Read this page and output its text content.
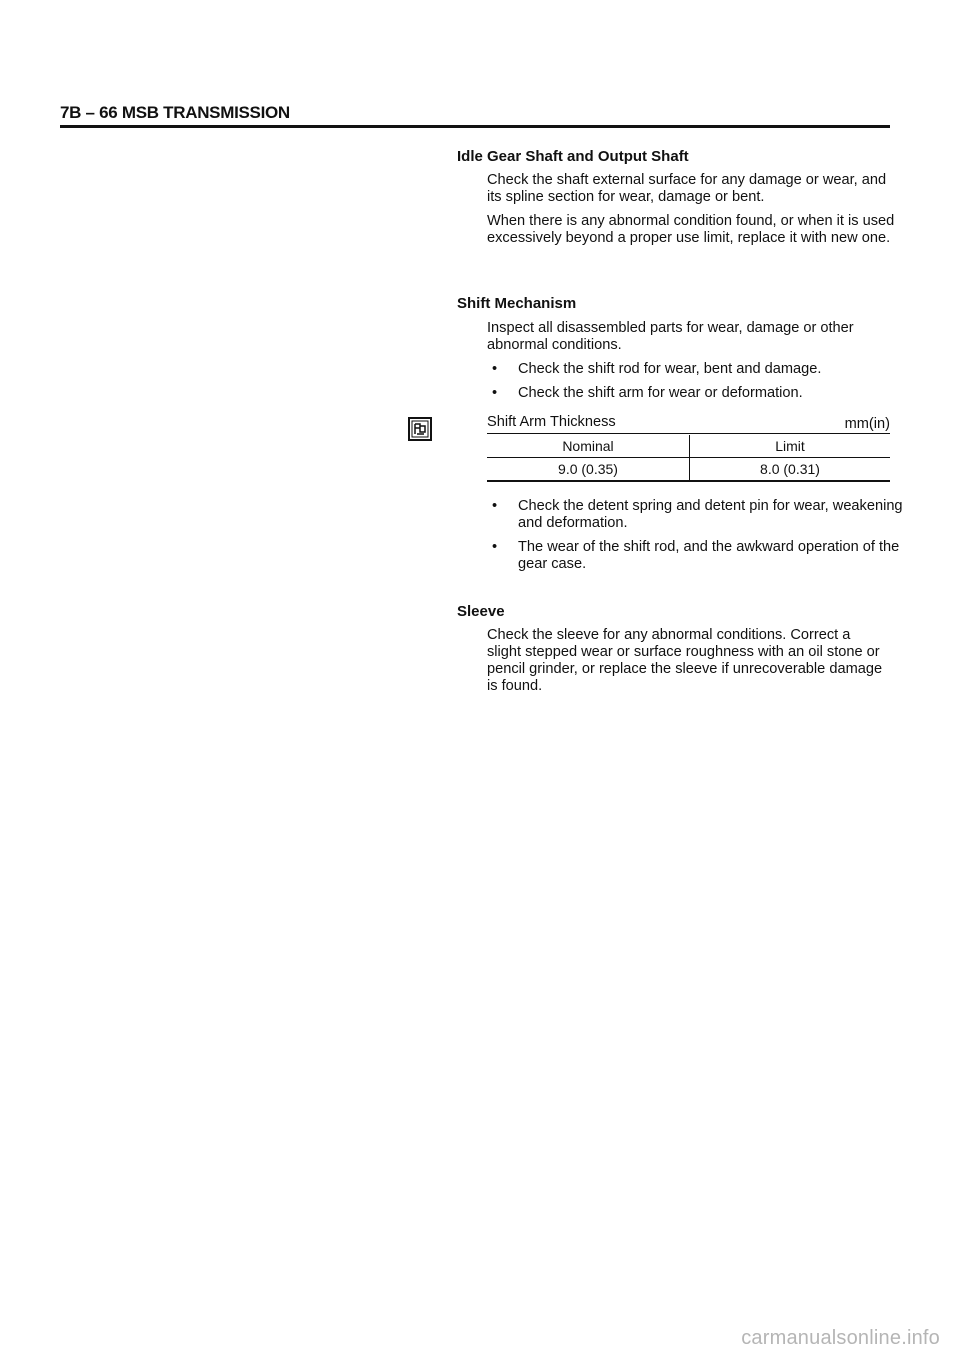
7B – 66 MSB TRANSMISSION
Idle Gear Shaft and Output Shaft

Check the shaft external surface for any damage or wear, and its spline section for wear, damage or bent.

When there is any abnormal condition found, or when it is used excessively beyond a proper use limit, replace it with new one.

Shift Mechanism

Inspect all disassembled parts for wear, damage or other abnormal conditions.

• Check the shift rod for wear, bent and damage.
• Check the shift arm for wear or deformation.
Shift Arm Thickness	mm(in)
Nominal	Limit
9.0 (0.35)	8.0 (0.31)
• Check the detent spring and detent pin for wear, weakening and deformation.
• The wear of the shift rod, and the awkward operation of the gear case.
Sleeve

Check the sleeve for any abnormal conditions. Correct a slight stepped wear or surface roughness with an oil stone or pencil grinder, or replace the sleeve if unrecoverable damage is found.

carmanualsonline.info
